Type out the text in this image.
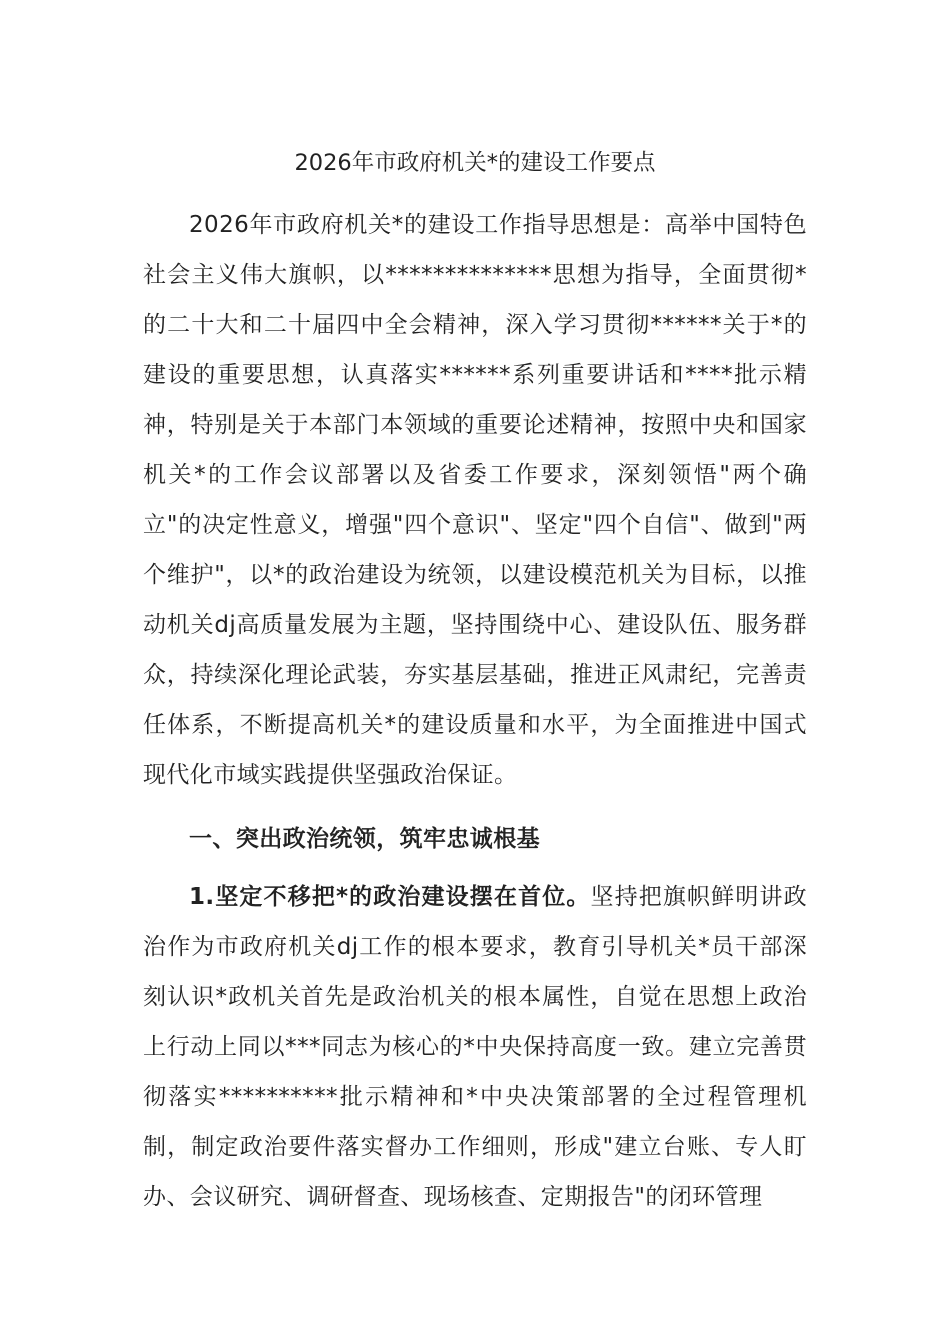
2026年市政府机关*的建设工作要点

2026年市政府机关*的建设工作指导思想是：高举中国特色社会主义伟大旗帜，以**************思想为指导，全面贯彻*的二十大和二十届四中全会精神，深入学习贯彻******关于*的建设的重要思想，认真落实******系列重要讲话和****批示精神，特别是关于本部门本领域的重要论述精神，按照中央和国家机关*的工作会议部署以及省委工作要求，深刻领悟"两个确立"的决定性意义，增强"四个意识"、坚定"四个自信"、做到"两个维护"，以*的政治建设为统领，以建设模范机关为目标，以推动机关dj高质量发展为主题，坚持围绕中心、建设队伍、服务群众，持续深化理论武装，夯实基层基础，推进正风肃纪，完善责任体系，不断提高机关*的建设质量和水平，为全面推进中国式现代化市域实践提供坚强政治保证。

一、突出政治统领，筑牢忠诚根基

1.坚定不移把*的政治建设摆在首位。坚持把旗帜鲜明讲政治作为市政府机关dj工作的根本要求，教育引导机关*员干部深刻认识*政机关首先是政治机关的根本属性，自觉在思想上政治上行动上同以***同志为核心的*中央保持高度一致。建立完善贯彻落实**********批示精神和*中央决策部署的全过程管理机制，制定政治要件落实督办工作细则，形成"建立台账、专人盯办、会议研究、调研督查、现场核查、定期报告"的闭环管理
